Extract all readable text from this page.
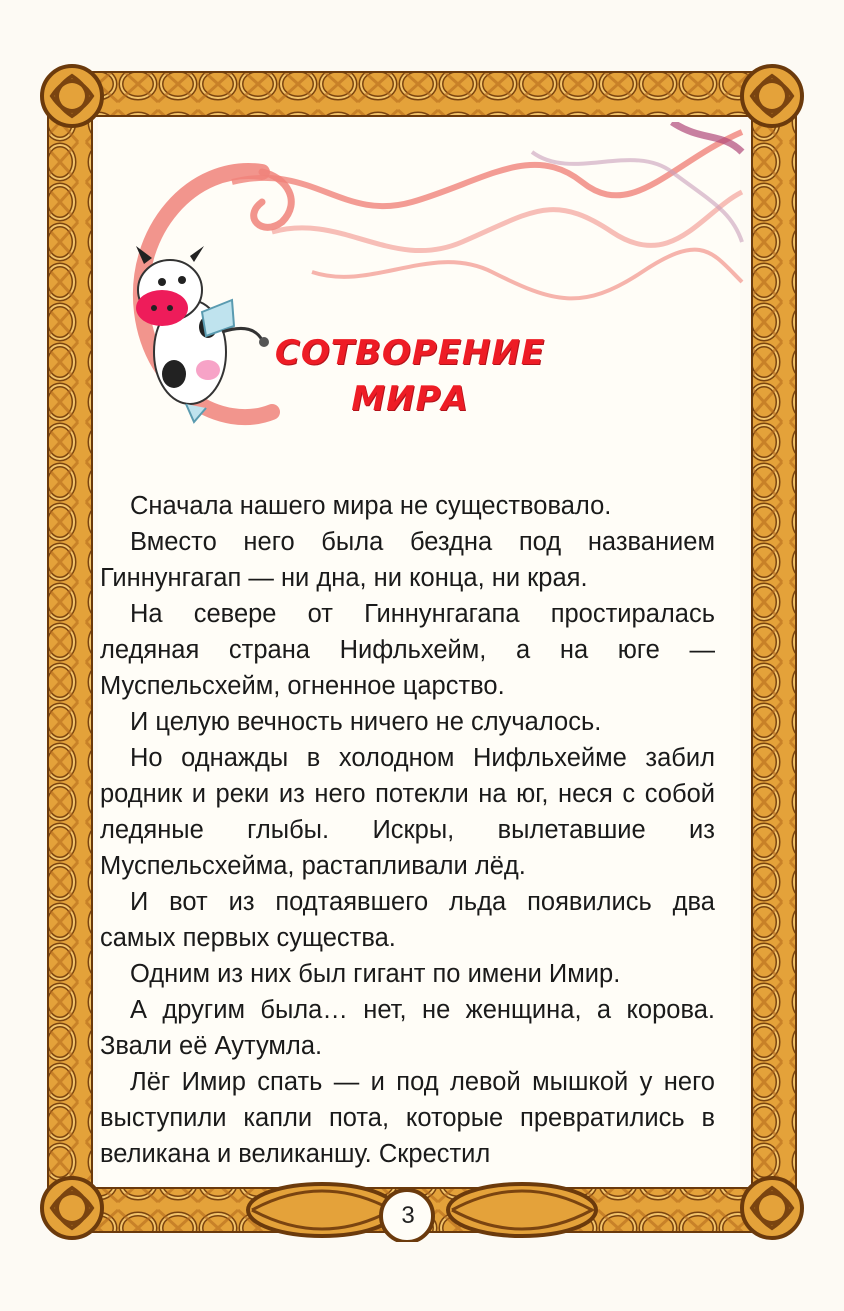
СОТВОРЕНИЕ
МИРА

Сначала нашего мира не существовало.

Вместо него была бездна под названием Гиннунгагап — ни дна, ни конца, ни края.

На севере от Гиннунгагапа простиралась ледяная страна Нифльхейм, а на юге — Муспельсхейм, огненное царство.

И целую вечность ничего не случалось.

Но однажды в холодном Нифльхейме забил родник и реки из него потекли на юг, неся с собой ледяные глыбы. Искры, вылетавшие из Муспельсхейма, растапливали лёд.

И вот из подтаявшего льда появились два самых первых существа.

Одним из них был гигант по имени Имир.

А другим была… нет, не женщина, а корова. Звали её Аутумла.

Лёг Имир спать — и под левой мышкой у него выступили капли пота, которые превратились в великана и великаншу. Скрестил

3
